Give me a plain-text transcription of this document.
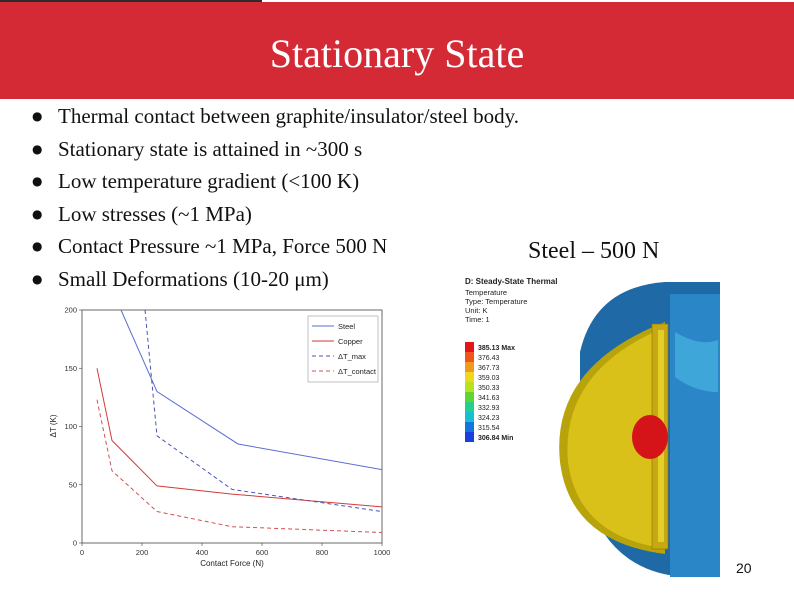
Stationary State
● Thermal contact between graphite/insulator/steel body.
● Stationary state is attained in ~300 s
● Low temperature gradient (<100 K)
● Low stresses (~1 MPa)
● Contact Pressure ~1 MPa, Force 500 N
● Small Deformations (10-20 μm)
Steel – 500 N
0	200	400	600	800	1000
0
50
100
150
200
Contact Force (N)
ΔT (K)
Steel
Copper
ΔT_max
ΔT_contact
D: Steady-State Thermal
Temperature
Type: Temperature
Unit: K
Time: 1
385.13 Max
376.43
367.73
359.03
350.33
341.63
332.93
324.23
315.54
306.84 Min
20
